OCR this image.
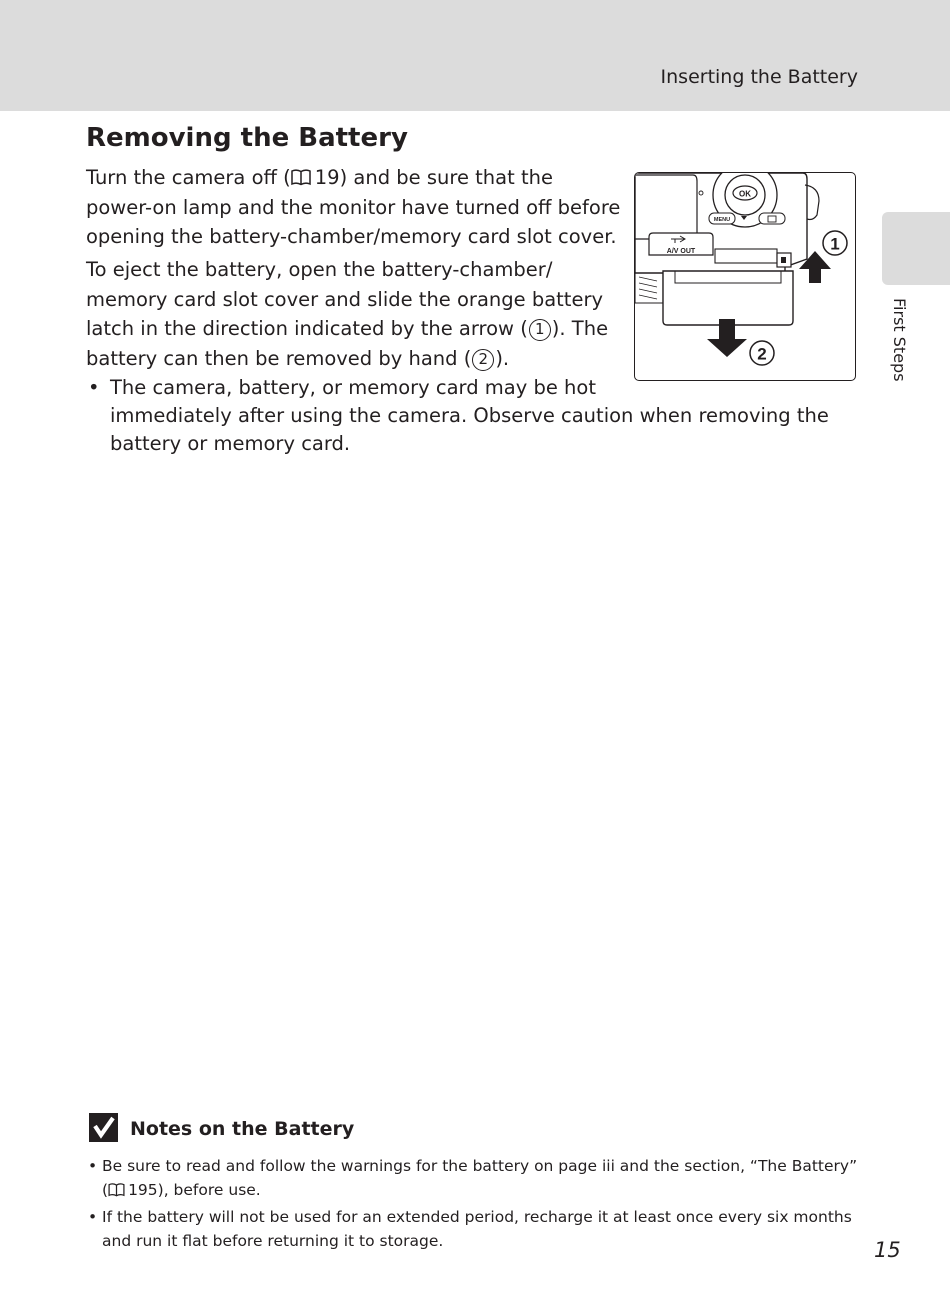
Inserting the Battery
First Steps
Removing the Battery
Turn the camera off ( 19) and be sure that the
power-on lamp and the monitor have turned off before
opening the battery-chamber/memory card slot cover.
To eject the battery, open the battery-chamber/
memory card slot cover and slide the orange battery
latch in the direction indicated by the arrow ( 1 ). The
battery can then be removed by hand ( 2 ).
• The camera, battery, or memory card may be hot
immediately after using the camera. Observe caution when removing the
battery or memory card.
OK
MENU
A/V OUT	1
2
Notes on the Battery
• Be sure to read and follow the warnings for the battery on page iii and the section, “The Battery”
( 195), before use.
• If the battery will not be used for an extended period, recharge it at least once every six months
and run it flat before returning it to storage.	15
